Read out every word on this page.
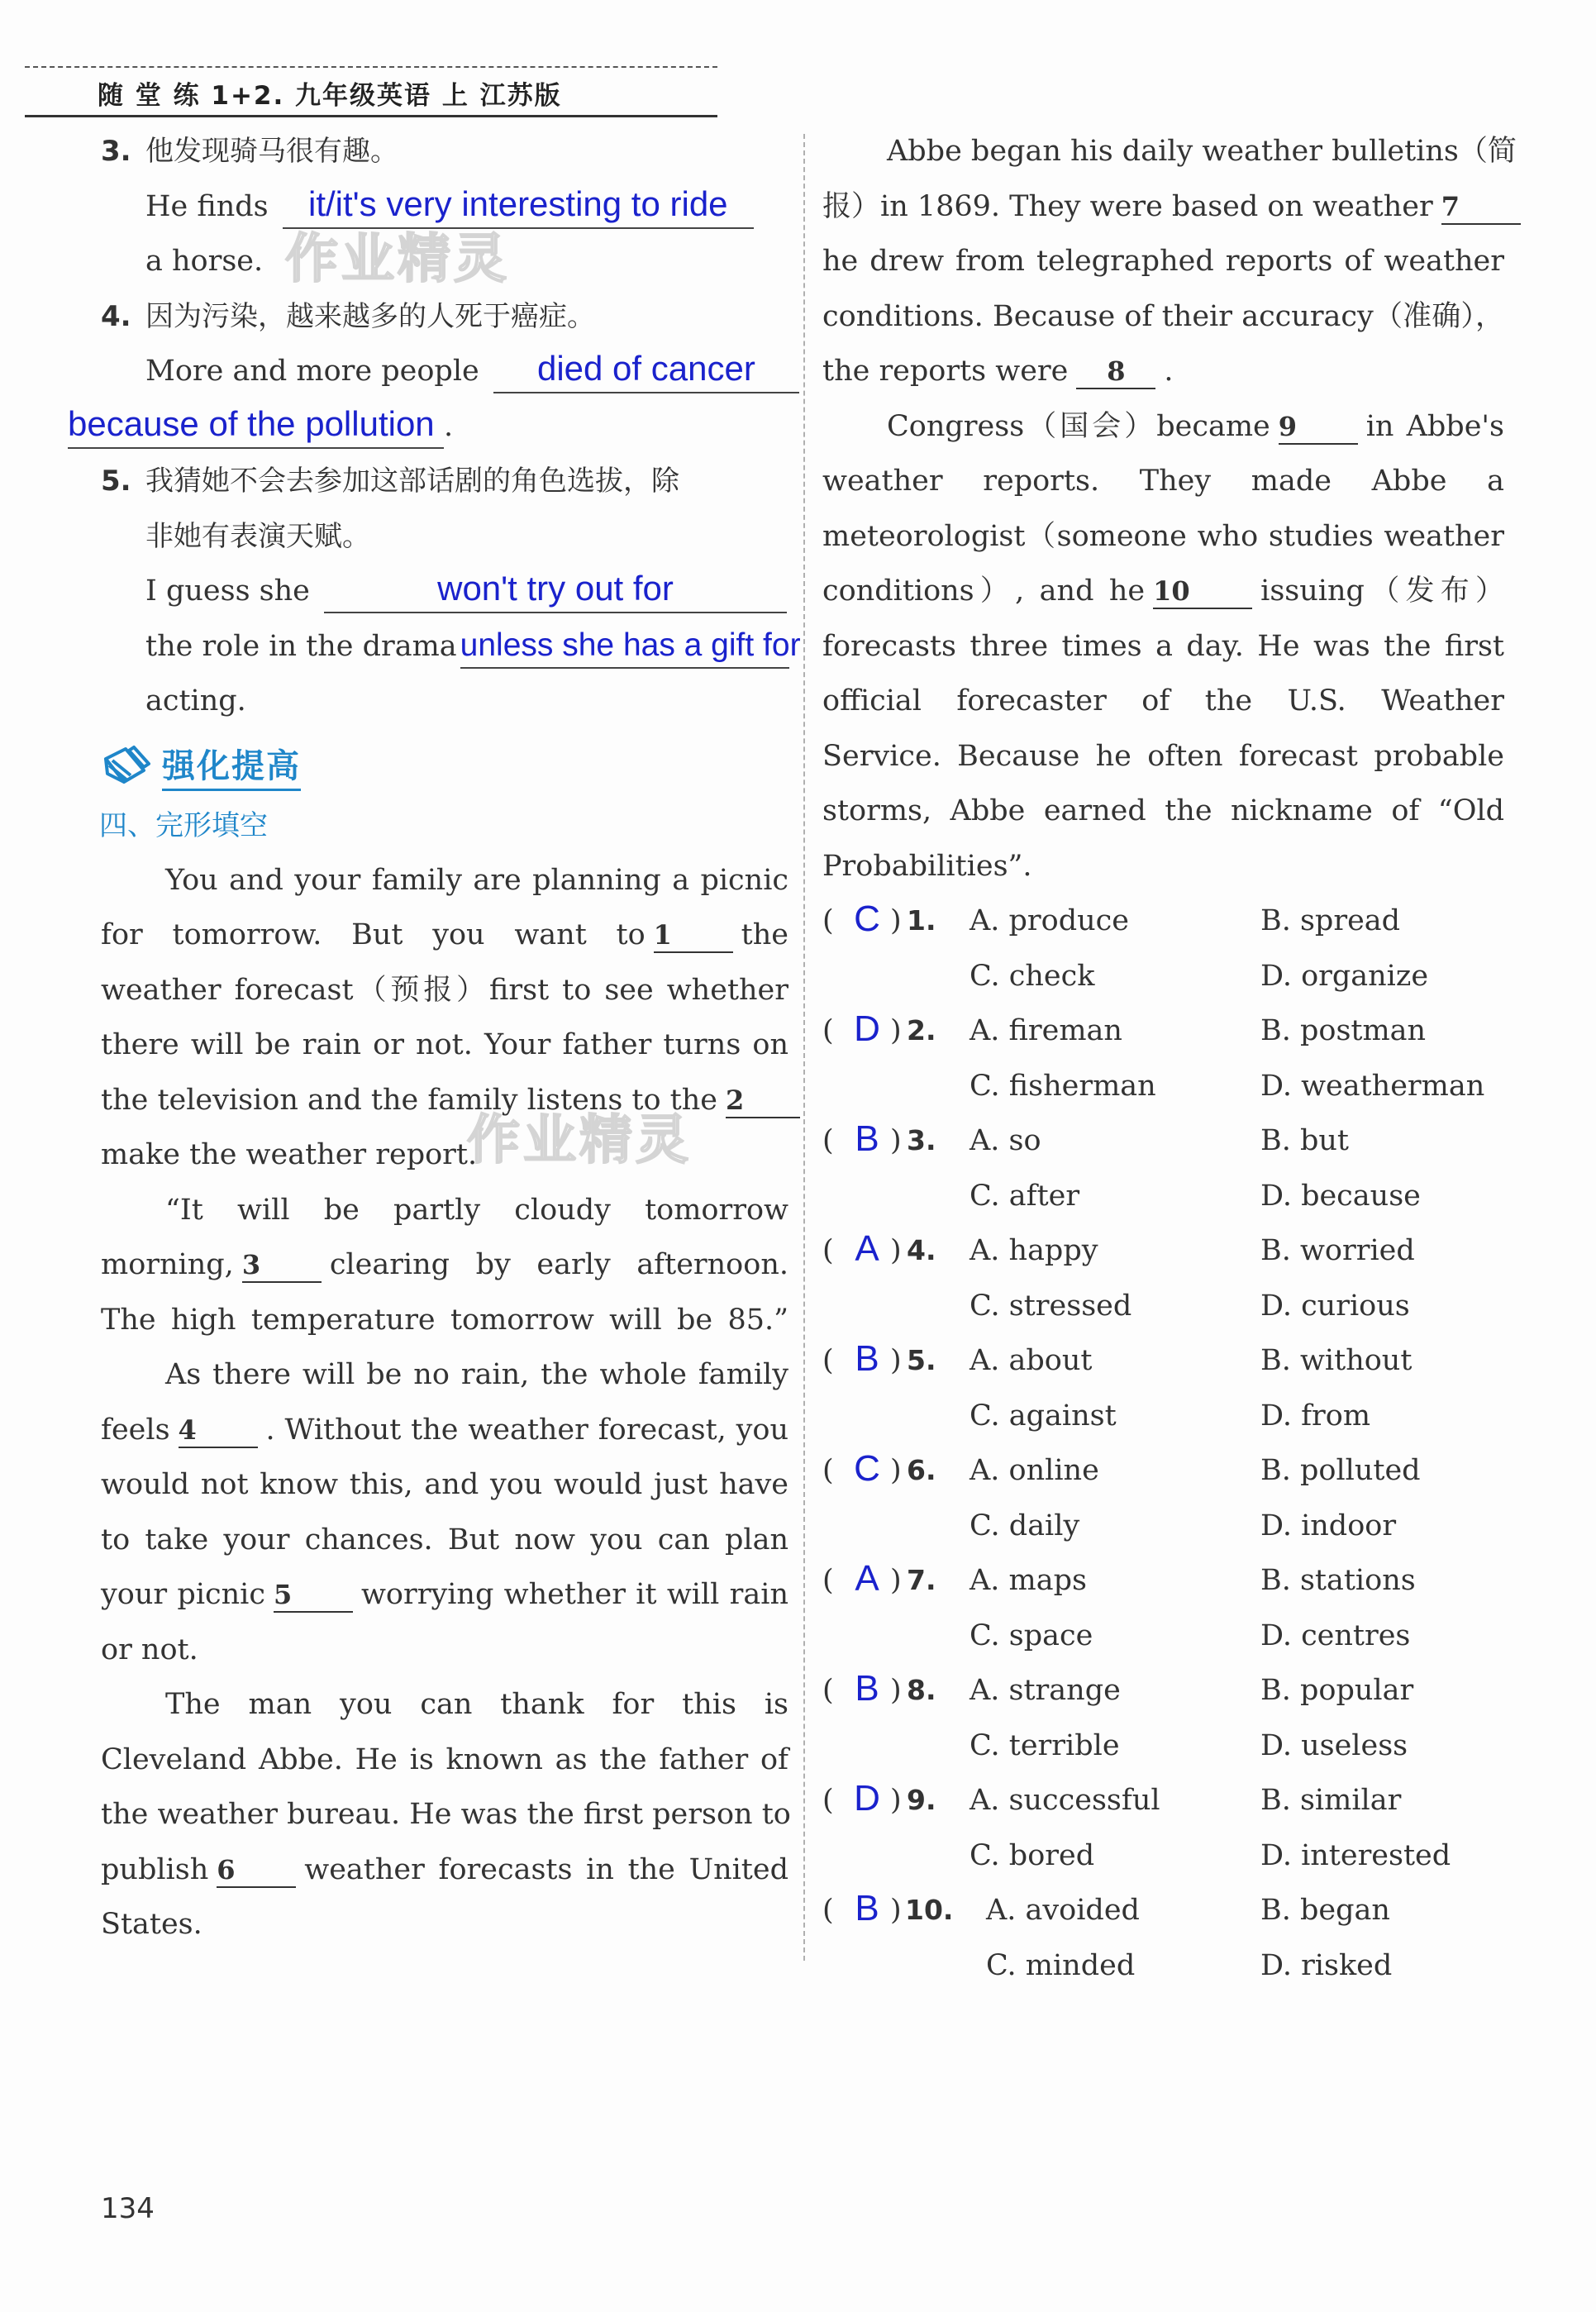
随 堂 练 1+2. 九年级英语 上 江苏版
作业精灵
作业精灵
3. 他发现骑马很有趣。
He finds it/it's very interesting to ride
a horse.
4. 因为污染，越来越多的人死于癌症。
More and more people died of cancer
because of the pollution .
5. 我猜她不会去参加这部话剧的角色选拔，除
非她有表演天赋。
I guess she	won't try out for
the role in the drama unless she has a gift for
acting.
强化提高
四、完形填空
You and your family are planning a picnic
for tomorrow. But you want to 1 the
weather forecast（预报）first to see whether
there will be rain or not. Your father turns on
the television and the family listens to the 2
make the weather report.
“It will be partly cloudy tomorrow
morning, 3 clearing by early afternoon.
The high temperature tomorrow will be 85.”
As there will be no rain, the whole family
feels 4 . Without the weather forecast, you
would not know this, and you would just have
to take your chances. But now you can plan
your picnic 5 worrying whether it will rain
or not.
The man you can thank for this is
Cleveland Abbe. He is known as the father of
the weather bureau. He was the first person to
publish 6 weather forecasts in the United
States.
Abbe began his daily weather bulletins（简
报）in 1869. They were based on weather 7
he drew from telegraphed reports of weather
conditions. Because of their accuracy（准确），
the reports were 8 .
Congress（国会）became 9 in Abbe's
weather reports. They made Abbe a
meteorologist（someone who studies weather
conditions）, and he 10 issuing（发布）
forecasts three times a day. He was the first
official forecaster of the U.S. Weather
Service. Because he often forecast probable
storms, Abbe earned the nickname of “Old
Probabilities”.
( C ) 1. A. produce	B. spread
C. check	D. organize
( D ) 2. A. fireman	B. postman
C. fisherman	D. weatherman
( B ) 3. A. so	B. but
C. after	D. because
( A ) 4. A. happy	B. worried
C. stressed	D. curious
( B ) 5. A. about	B. without
C. against	D. from
( C ) 6. A. online	B. polluted
C. daily	D. indoor
( A ) 7. A. maps	B. stations
C. space	D. centres
( B ) 8. A. strange	B. popular
C. terrible	D. useless
( D ) 9. A. successful	B. similar
C. bored	D. interested
( B ) 10. A. avoided	B. began
C. minded	D. risked
134
